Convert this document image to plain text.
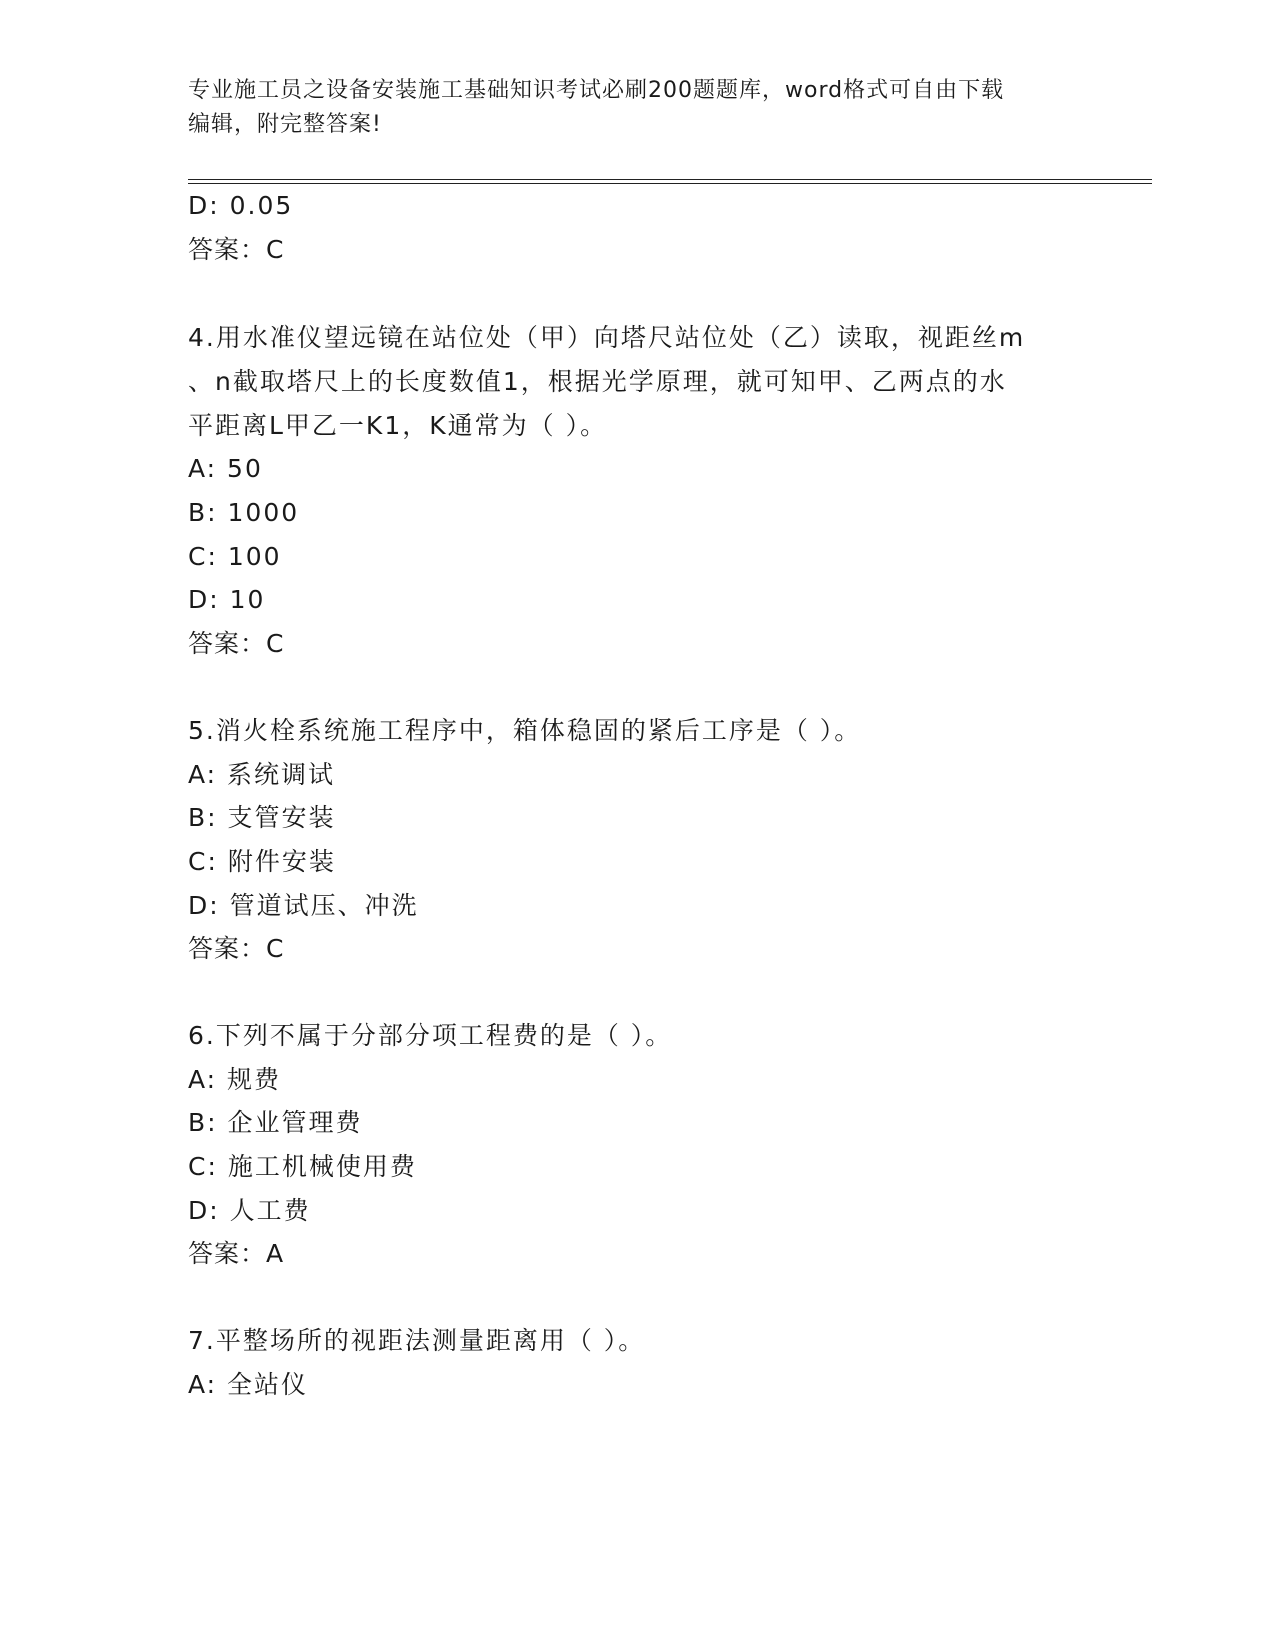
专业施工员之设备安装施工基础知识考试必刷200题题库，word格式可自由下载
编辑，附完整答案!
D: 0.05
答案：C
4.用水准仪望远镜在站位处（甲）向塔尺站位处（乙）读取，视距丝m
、n截取塔尺上的长度数值1，根据光学原理，就可知甲、乙两点的水
平距离L甲乙一K1，K通常为（ ）。
A: 50
B: 1000
C: 100
D: 10
答案：C
5.消火栓系统施工程序中，箱体稳固的紧后工序是（ ）。
A: 系统调试
B: 支管安装
C: 附件安装
D: 管道试压、冲洗
答案：C
6.下列不属于分部分项工程费的是（ ）。
A: 规费
B: 企业管理费
C: 施工机械使用费
D: 人工费
答案：A
7.平整场所的视距法测量距离用（ ）。
A: 全站仪
